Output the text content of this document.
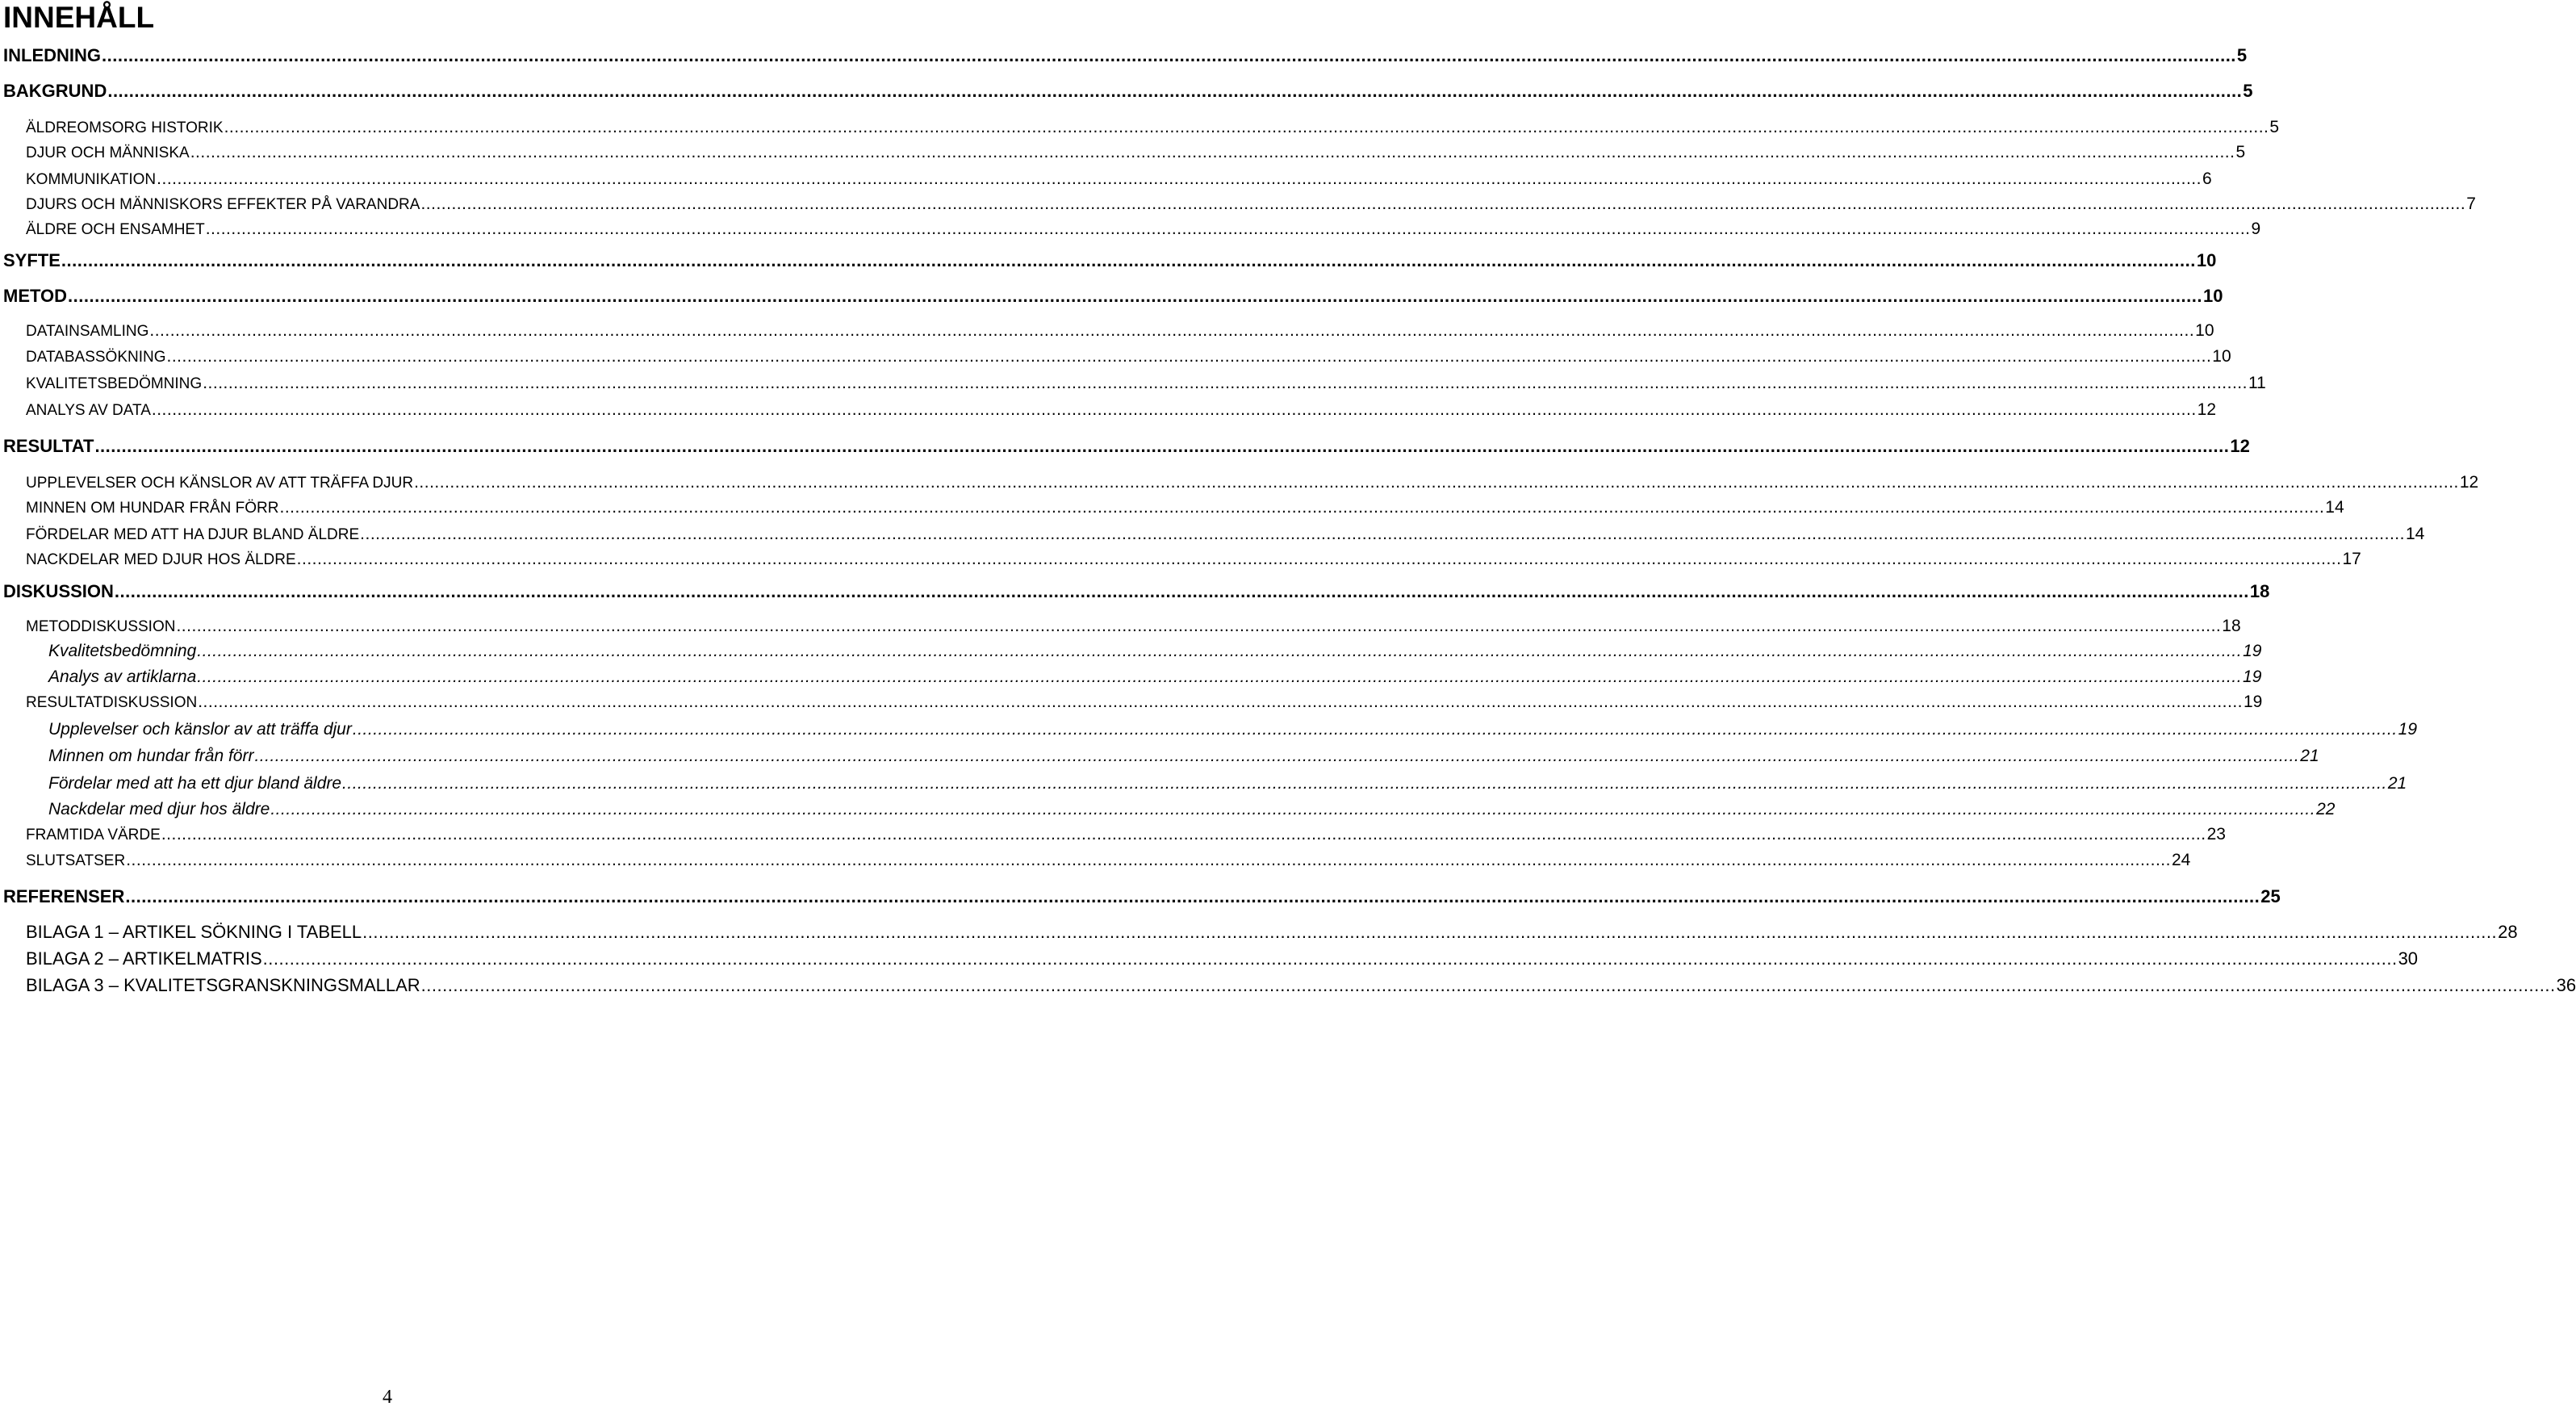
INNEHÅLL
INLEDNING ................................................................................................................................................................................................................................................................................................................................................................................................................ 5
BAKGRUND ................................................................................................................................................................................................................................................................................................................................................................................................................ 5
ÄLDREOMSORG HISTORIK ................................................................................................................................................................................................................................................................................................................................................................................................................ 5
DJUR OCH MÄNNISKA ................................................................................................................................................................................................................................................................................................................................................................................................................ 5
KOMMUNIKATION ................................................................................................................................................................................................................................................................................................................................................................................................................ 6
DJURS OCH MÄNNISKORS EFFEKTER PÅ VARANDRA ................................................................................................................................................................................................................................................................................................................................................................................................................ 7
ÄLDRE OCH ENSAMHET ................................................................................................................................................................................................................................................................................................................................................................................................................ 9
SYFTE ................................................................................................................................................................................................................................................................................................................................................................................................................ 10
METOD ................................................................................................................................................................................................................................................................................................................................................................................................................ 10
DATAINSAMLING ................................................................................................................................................................................................................................................................................................................................................................................................................ 10
DATABASSÖKNING ................................................................................................................................................................................................................................................................................................................................................................................................................ 10
KVALITETSBEDÖMNING ................................................................................................................................................................................................................................................................................................................................................................................................................ 11
ANALYS AV DATA ................................................................................................................................................................................................................................................................................................................................................................................................................ 12
RESULTAT ................................................................................................................................................................................................................................................................................................................................................................................................................ 12
UPPLEVELSER OCH KÄNSLOR AV ATT TRÄFFA DJUR ................................................................................................................................................................................................................................................................................................................................................................................................................ 12
MINNEN OM HUNDAR FRÅN FÖRR ................................................................................................................................................................................................................................................................................................................................................................................................................ 14
FÖRDELAR MED ATT HA DJUR BLAND ÄLDRE ................................................................................................................................................................................................................................................................................................................................................................................................................ 14
NACKDELAR MED DJUR HOS ÄLDRE ................................................................................................................................................................................................................................................................................................................................................................................................................ 17
DISKUSSION ................................................................................................................................................................................................................................................................................................................................................................................................................ 18
METODDISKUSSION ................................................................................................................................................................................................................................................................................................................................................................................................................ 18
Kvalitetsbedömning ................................................................................................................................................................................................................................................................................................................................................................................................................ 19
Analys av artiklarna ................................................................................................................................................................................................................................................................................................................................................................................................................ 19
RESULTATDISKUSSION ................................................................................................................................................................................................................................................................................................................................................................................................................ 19
Upplevelser och känslor av att träffa djur ................................................................................................................................................................................................................................................................................................................................................................................................................ 19
Minnen om hundar från förr ................................................................................................................................................................................................................................................................................................................................................................................................................ 21
Fördelar med att ha ett djur bland äldre ................................................................................................................................................................................................................................................................................................................................................................................................................ 21
Nackdelar med djur hos äldre ................................................................................................................................................................................................................................................................................................................................................................................................................ 22
FRAMTIDA VÄRDE ................................................................................................................................................................................................................................................................................................................................................................................................................ 23
SLUTSATSER ................................................................................................................................................................................................................................................................................................................................................................................................................ 24
REFERENSER ................................................................................................................................................................................................................................................................................................................................................................................................................ 25
BILAGA 1 – ARTIKEL SÖKNING I TABELL ................................................................................................................................................................................................................................................................................................................................................................................................................ 28
BILAGA 2 – ARTIKELMATRIS ................................................................................................................................................................................................................................................................................................................................................................................................................ 30
BILAGA 3 – KVALITETSGRANSKNINGSMALLAR ................................................................................................................................................................................................................................................................................................................................................................................................................ 36
4
